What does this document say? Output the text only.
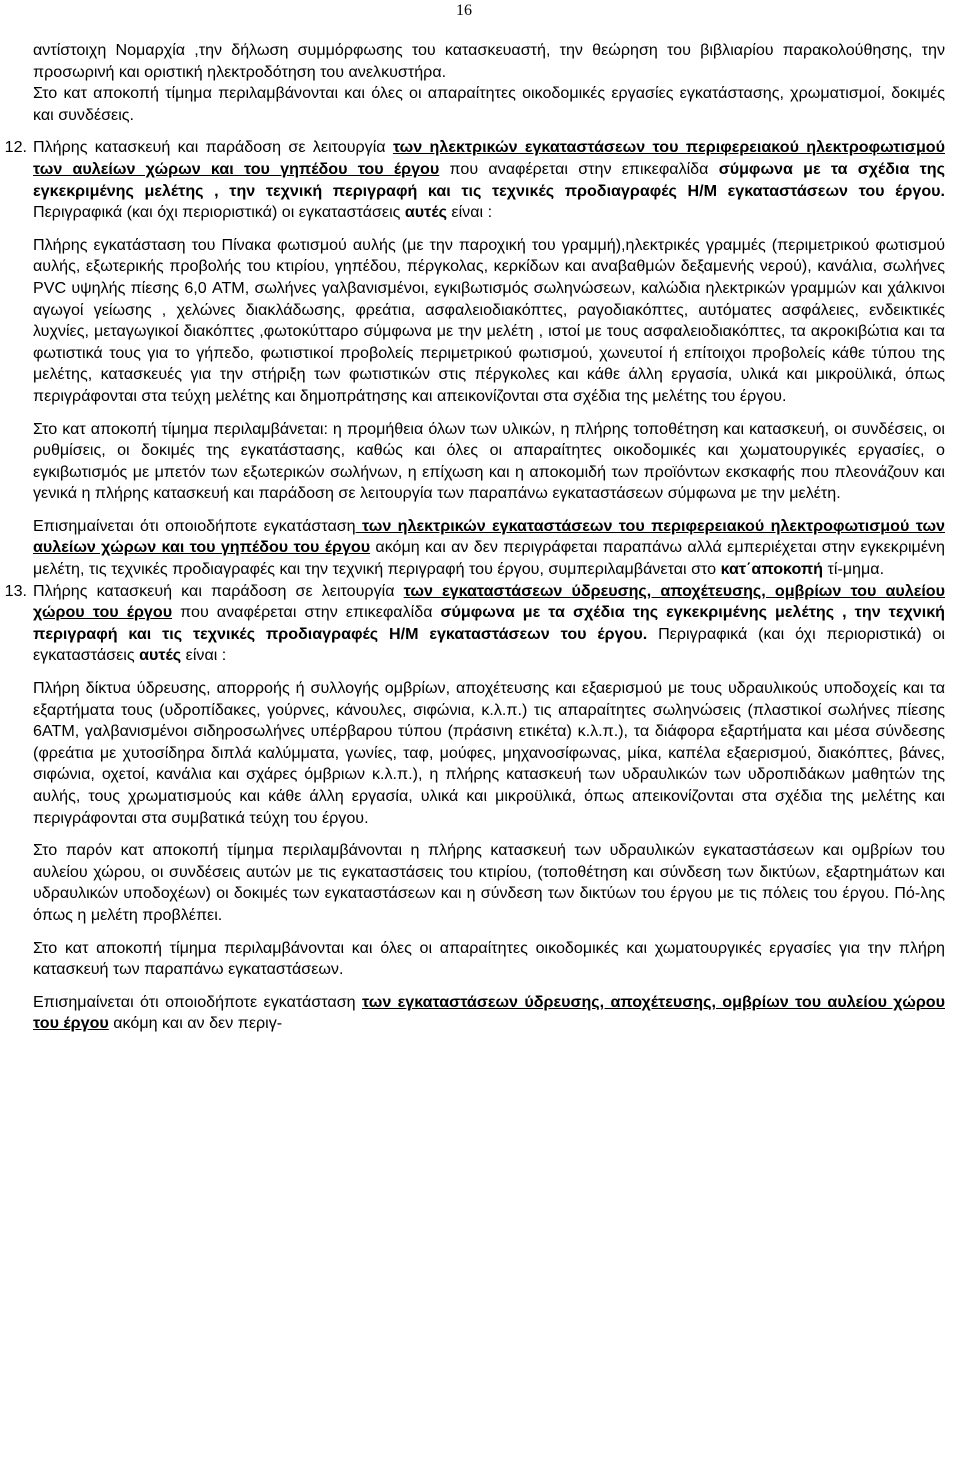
16

αντίστοιχη Νομαρχία ,την δήλωση συμμόρφωσης του κατασκευαστή, την θεώρηση του βιβλιαρίου παρακολούθησης, την προσωρινή και οριστική ηλεκτροδότηση του ανελκυστήρα.

Στο κατ αποκοπή τίμημα περιλαμβάνονται και όλες οι απαραίτητες οικοδομικές εργασίες εγκατάστασης, χρωματισμοί, δοκιμές και συνδέσεις.

12. Πλήρης κατασκευή και παράδοση σε λειτουργία των ηλεκτρικών εγκαταστάσεων του περιφερειακού ηλεκτροφωτισμού των αυλείων χώρων και του γηπέδου του έργου που αναφέρεται στην επικεφαλίδα σύμφωνα με τα σχέδια της εγκεκριμένης μελέτης , την τεχνική περιγραφή και τις τεχνικές προδιαγραφές Η/Μ εγκαταστάσεων του έργου. Περιγραφικά (και όχι περιοριστικά) οι εγκαταστάσεις αυτές είναι :

Πλήρης εγκατάσταση του Πίνακα φωτισμού αυλής (με την παροχική του γραμμή),ηλεκτρικές γραμμές (περιμετρικού φωτισμού αυλής, εξωτερικής προβολής του κτιρίου, γηπέδου, πέργκολας, κερκίδων και αναβαθμών δεξαμενής νερού), κανάλια, σωλήνες PVC υψηλής πίεσης 6,0 ATM, σωλήνες γαλβανισμένοι, εγκιβωτισμός σωληνώσεων, καλώδια ηλεκτρικών γραμμών και χάλκινοι αγωγοί γείωσης , χελώνες διακλάδωσης, φρεάτια, ασφαλειοδιακόπτες, ραγοδιακόπτες, αυτόματες ασφάλειες, ενδεικτικές λυχνίες, μεταγωγικοί διακόπτες ,φωτοκύτταρο σύμφωνα με την μελέτη , ιστοί με τους ασφαλειοδιακόπτες, τα ακροκιβώτια και τα φωτιστικά τους για το γήπεδο, φωτιστικοί προβολείς περιμετρικού φωτισμού, χωνευτοί ή επίτοιχοι προβολείς κάθε τύπου της μελέτης, κατασκευές για την στήριξη των φωτιστικών στις πέργκολες και κάθε άλλη εργασία, υλικά και μικροϋλικά, όπως περιγράφονται στα τεύχη μελέτης και δημοπράτησης και απεικονίζονται στα σχέδια της μελέτης του έργου.

Στο κατ αποκοπή τίμημα περιλαμβάνεται: η προμήθεια όλων των υλικών, η πλήρης τοποθέτηση και κατασκευή, οι συνδέσεις, οι ρυθμίσεις, οι δοκιμές της εγκατάστασης, καθώς και όλες οι απαραίτητες οικοδομικές και χωματουργικές εργασίες, ο εγκιβωτισμός με μπετόν των εξωτερικών σωλήνων, η επίχωση και η αποκομιδή των προϊόντων εκσκαφής που πλεονάζουν και γενικά η πλήρης κατασκευή και παράδοση σε λειτουργία των παραπάνω εγκαταστάσεων σύμφωνα με την μελέτη.

Επισημαίνεται ότι οποιοδήποτε εγκατάσταση των ηλεκτρικών εγκαταστάσεων του περιφερειακού ηλεκτροφωτισμού των αυλείων χώρων και του γηπέδου του έργου ακόμη και αν δεν περιγράφεται παραπάνω αλλά εμπεριέχεται στην εγκεκριμένη μελέτη, τις τεχνικές προδιαγραφές και την τεχνική περιγραφή του έργου, συμπεριλαμβάνεται στο κατ΄αποκοπή τί-μημα.

13. Πλήρης κατασκευή και παράδοση σε λειτουργία των εγκαταστάσεων ύδρευσης, αποχέτευσης, ομβρίων του αυλείου χώρου του έργου που αναφέρεται στην επικεφαλίδα σύμφωνα με τα σχέδια της εγκεκριμένης μελέτης , την τεχνική περιγραφή και τις τεχνικές προδιαγραφές Η/Μ εγκαταστάσεων του έργου. Περιγραφικά (και όχι περιοριστικά) οι εγκαταστάσεις αυτές είναι :

Πλήρη δίκτυα ύδρευσης, απορροής ή συλλογής ομβρίων, αποχέτευσης και εξαερισμού με τους υδραυλικούς υποδοχείς και τα εξαρτήματα τους (υδροπίδακες, γούρνες, κάνουλες, σιφώνια, κ.λ.π.) τις απαραίτητες σωληνώσεις (πλαστικοί σωλήνες πίεσης 6ΑΤΜ, γαλβανισμένοι σιδηροσωλήνες υπέρβαρου τύπου (πράσινη ετικέτα) κ.λ.π.), τα διάφορα εξαρτήματα και μέσα σύνδεσης (φρεάτια με χυτοσίδηρα διπλά καλύμματα, γωνίες, ταφ, μούφες, μηχανοσίφωνας, μίκα, καπέλα εξαερισμού, διακόπτες, βάνες, σιφώνια, οχετοί, κανάλια και σχάρες όμβριων κ.λ.π.), η πλήρης κατασκευή των υδραυλικών των υδροπιδάκων μαθητών της αυλής, τους χρωματισμούς και κάθε άλλη εργασία, υλικά και μικροϋλικά, όπως απεικονίζονται στα σχέδια της μελέτης και περιγράφονται στα συμβατικά τεύχη του έργου.

Στο παρόν κατ αποκοπή τίμημα περιλαμβάνονται η πλήρης κατασκευή των υδραυλικών εγκαταστάσεων και ομβρίων του αυλείου χώρου, οι συνδέσεις αυτών με τις εγκαταστάσεις του κτιρίου, (τοποθέτηση και σύνδεση των δικτύων, εξαρτημάτων και υδραυλικών υποδοχέων) οι δοκιμές των εγκαταστάσεων και η σύνδεση των δικτύων του έργου με τις πόλεις του έργου. Πό-λης όπως η μελέτη προβλέπει.

Στο κατ αποκοπή τίμημα περιλαμβάνονται και όλες οι απαραίτητες οικοδομικές και χωματουργικές εργασίες για την πλήρη κατασκευή των παραπάνω εγκαταστάσεων.

Επισημαίνεται ότι οποιοδήποτε εγκατάσταση των εγκαταστάσεων ύδρευσης, αποχέτευσης, ομβρίων του αυλείου χώρου του έργου ακόμη και αν δεν περιγ-
